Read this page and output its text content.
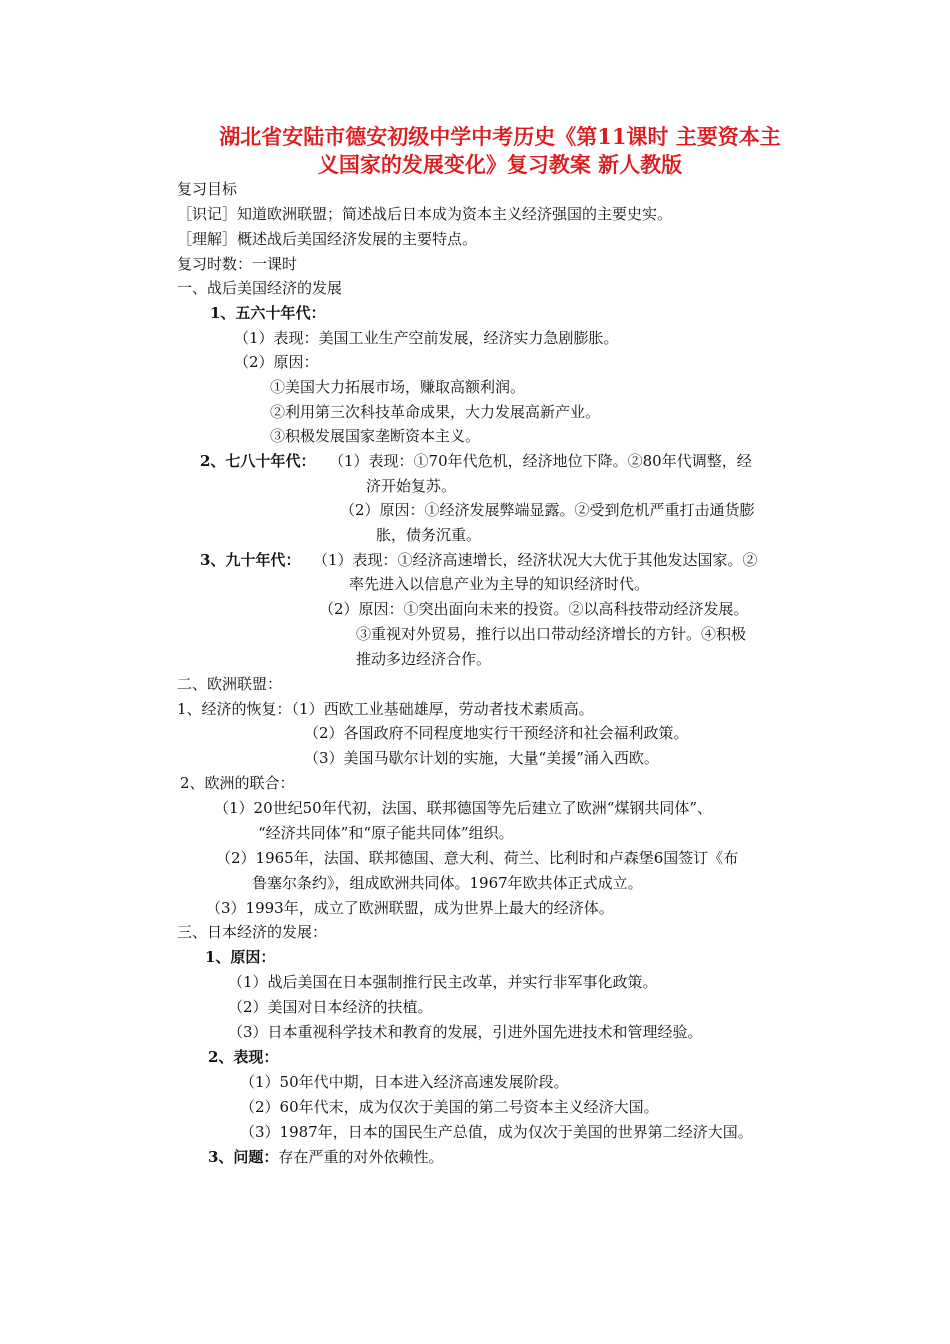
湖北省安陆市德安初级中学中考历史《第11课时 主要资本主
义国家的发展变化》复习教案 新人教版
复习目标
［识记］知道欧洲联盟；简述战后日本成为资本主义经济强国的主要史实。
［理解］概述战后美国经济发展的主要特点。
复习时数：一课时
一、战后美国经济的发展
1、五六十年代：
（1）表现：美国工业生产空前发展，经济实力急剧膨胀。
（2）原因：
①美国大力拓展市场，赚取高额利润。
②利用第三次科技革命成果，大力发展高新产业。
③积极发展国家垄断资本主义。
2、七八十年代： （1）表现：①70年代危机，经济地位下降。②80年代调整，经
济开始复苏。
（2）原因：①经济发展弊端显露。②受到危机严重打击通货膨
胀，债务沉重。
3、九十年代： （1）表现：①经济高速增长，经济状况大大优于其他发达国家。②
率先进入以信息产业为主导的知识经济时代。
（2）原因：①突出面向未来的投资。②以高科技带动经济发展。
③重视对外贸易，推行以出口带动经济增长的方针。④积极
推动多边经济合作。
二、欧洲联盟：
1、经济的恢复：（1）西欧工业基础雄厚，劳动者技术素质高。
（2）各国政府不同程度地实行干预经济和社会福利政策。
（3）美国马歇尔计划的实施，大量“美援”涌入西欧。
2、欧洲的联合：
（1）20世纪50年代初，法国、联邦德国等先后建立了欧洲“煤钢共同体”、
“经济共同体”和“原子能共同体”组织。
（2）1965年，法国、联邦德国、意大利、荷兰、比利时和卢森堡6国签订《布
鲁塞尔条约》，组成欧洲共同体。1967年欧共体正式成立。
（3）1993年，成立了欧洲联盟，成为世界上最大的经济体。
三、日本经济的发展：
1、原因：
（1）战后美国在日本强制推行民主改革，并实行非军事化政策。
（2）美国对日本经济的扶植。
（3）日本重视科学技术和教育的发展，引进外国先进技术和管理经验。
2、表现：
（1）50年代中期，日本进入经济高速发展阶段。
（2）60年代末，成为仅次于美国的第二号资本主义经济大国。
（3）1987年，日本的国民生产总值，成为仅次于美国的世界第二经济大国。
3、问题：存在严重的对外依赖性。
